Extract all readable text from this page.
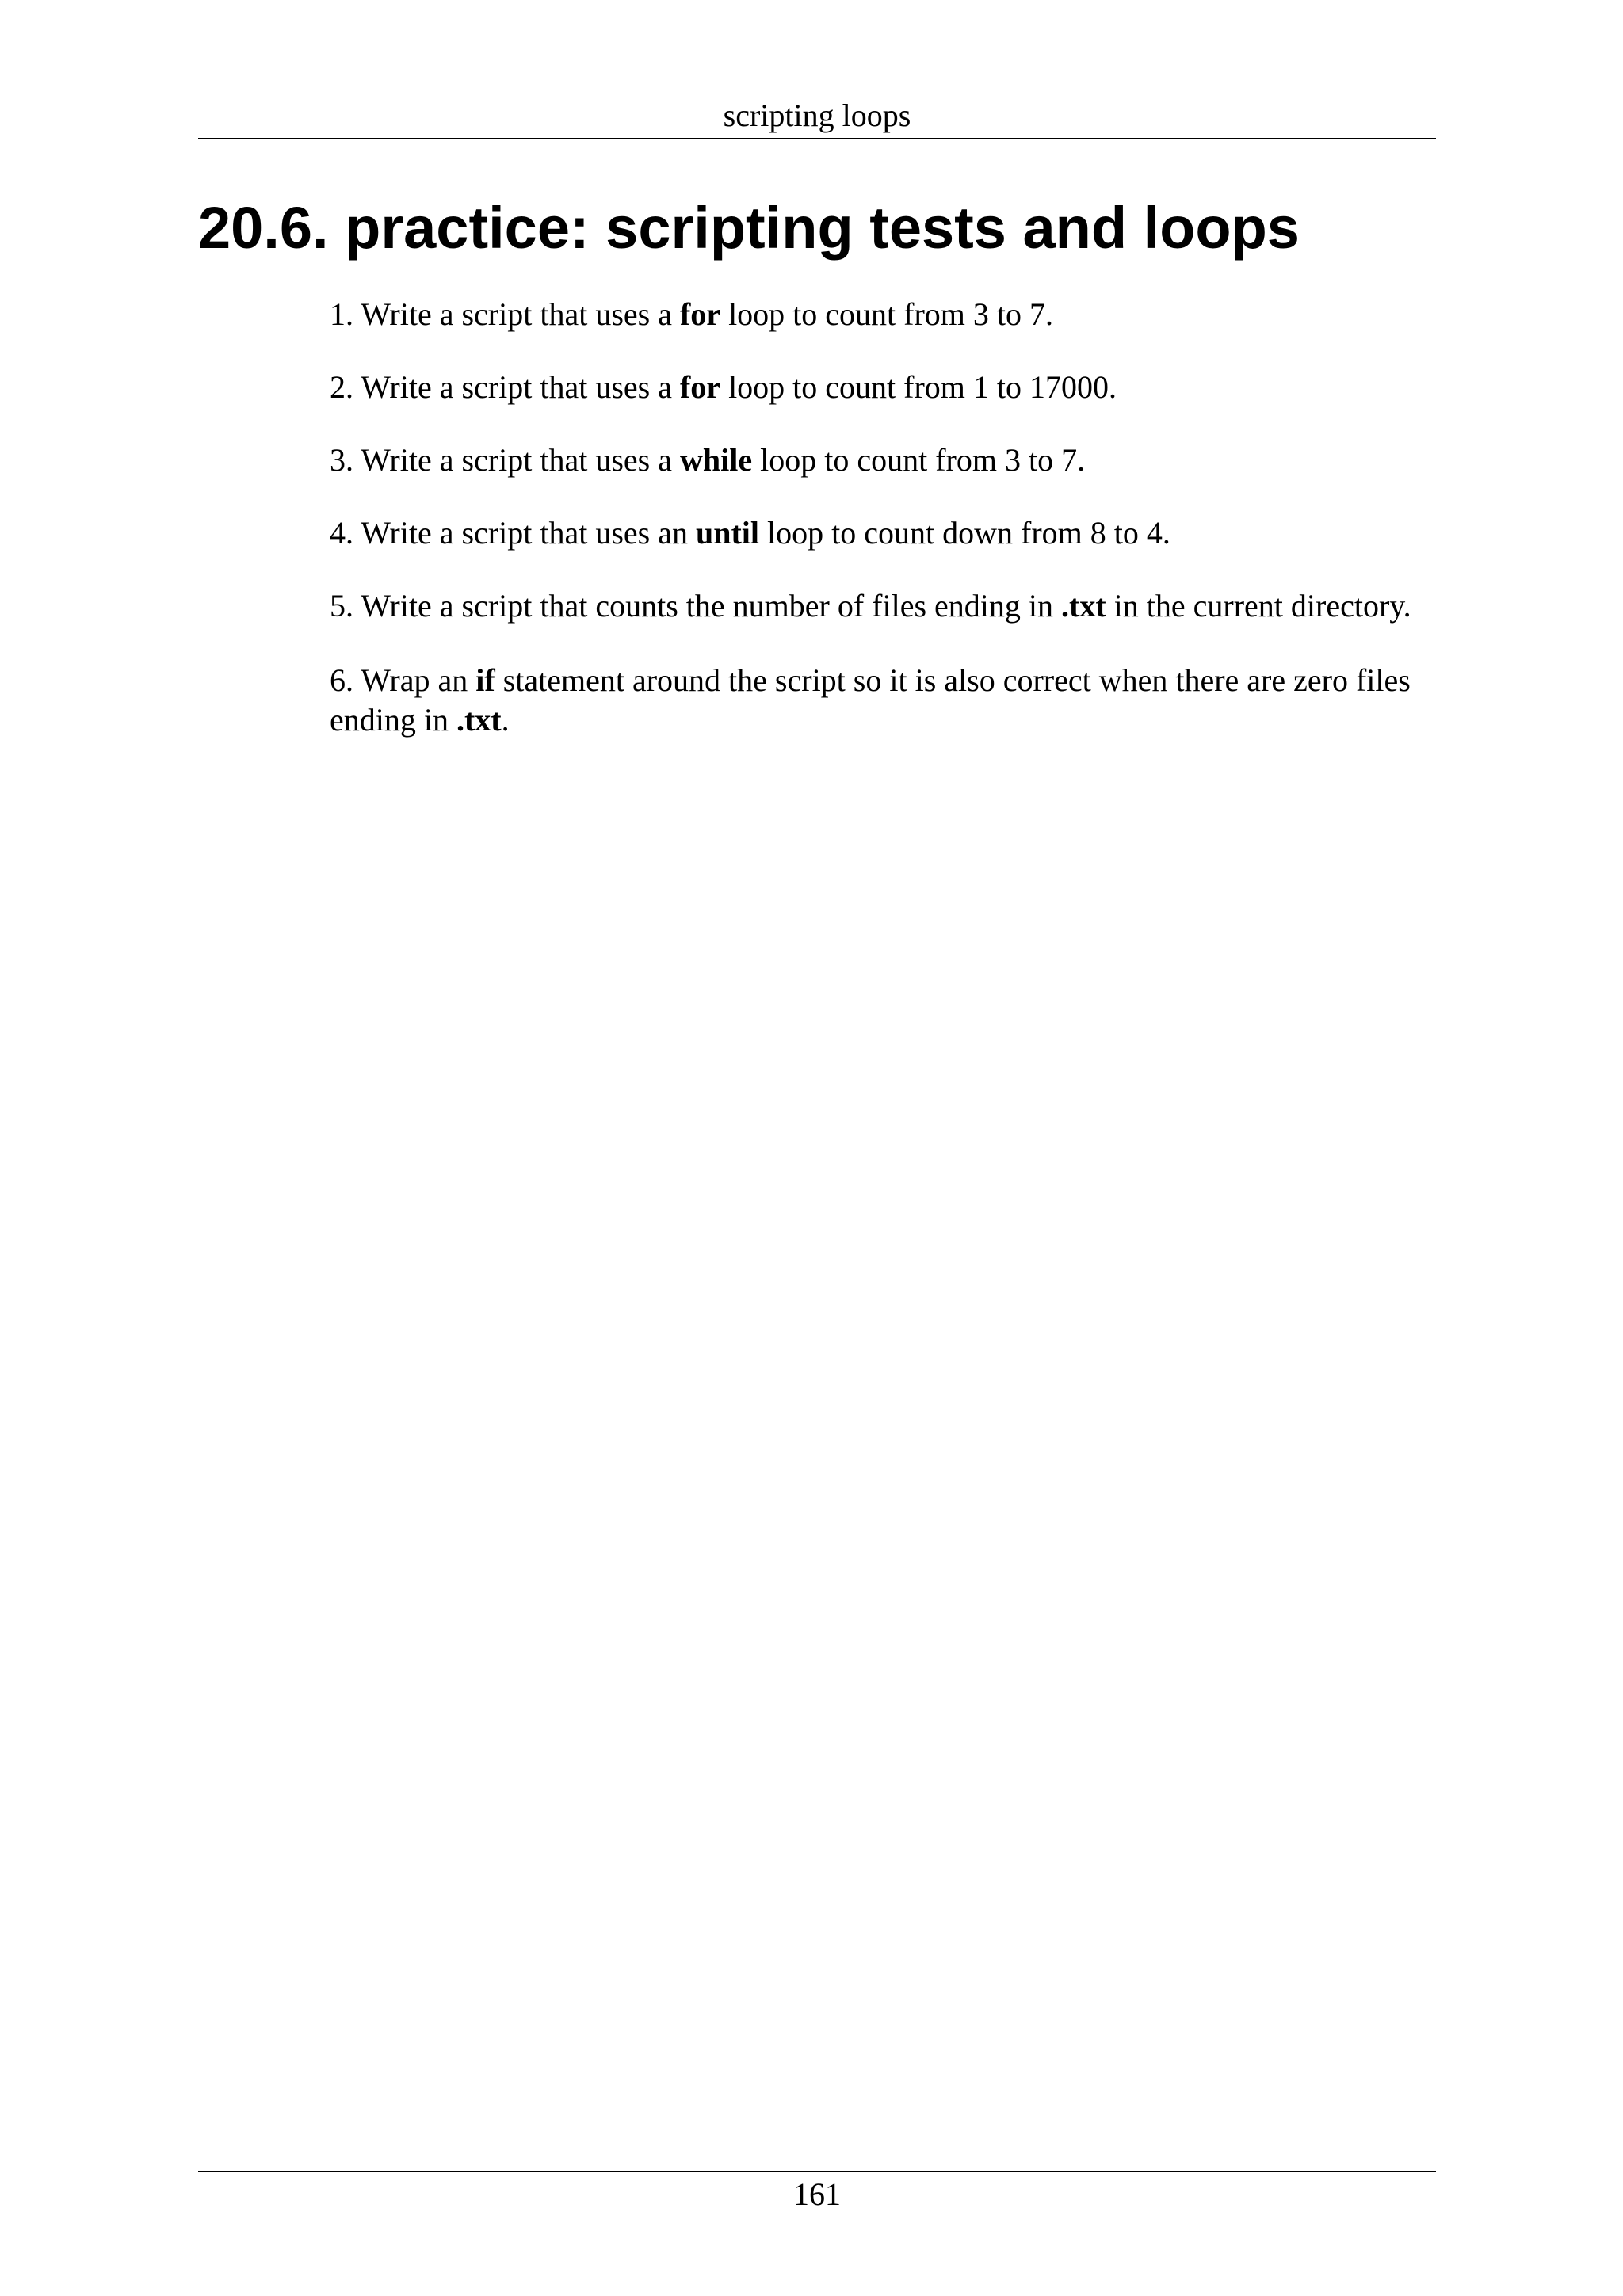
scripting loops
20.6. practice: scripting tests and loops
1. Write a script that uses a for loop to count from 3 to 7.
2. Write a script that uses a for loop to count from 1 to 17000.
3. Write a script that uses a while loop to count from 3 to 7.
4. Write a script that uses an until loop to count down from 8 to 4.
5. Write a script that counts the number of files ending in .txt in the current directory.
6. Wrap an if statement around the script so it is also correct when there are zero files ending in .txt.
161
